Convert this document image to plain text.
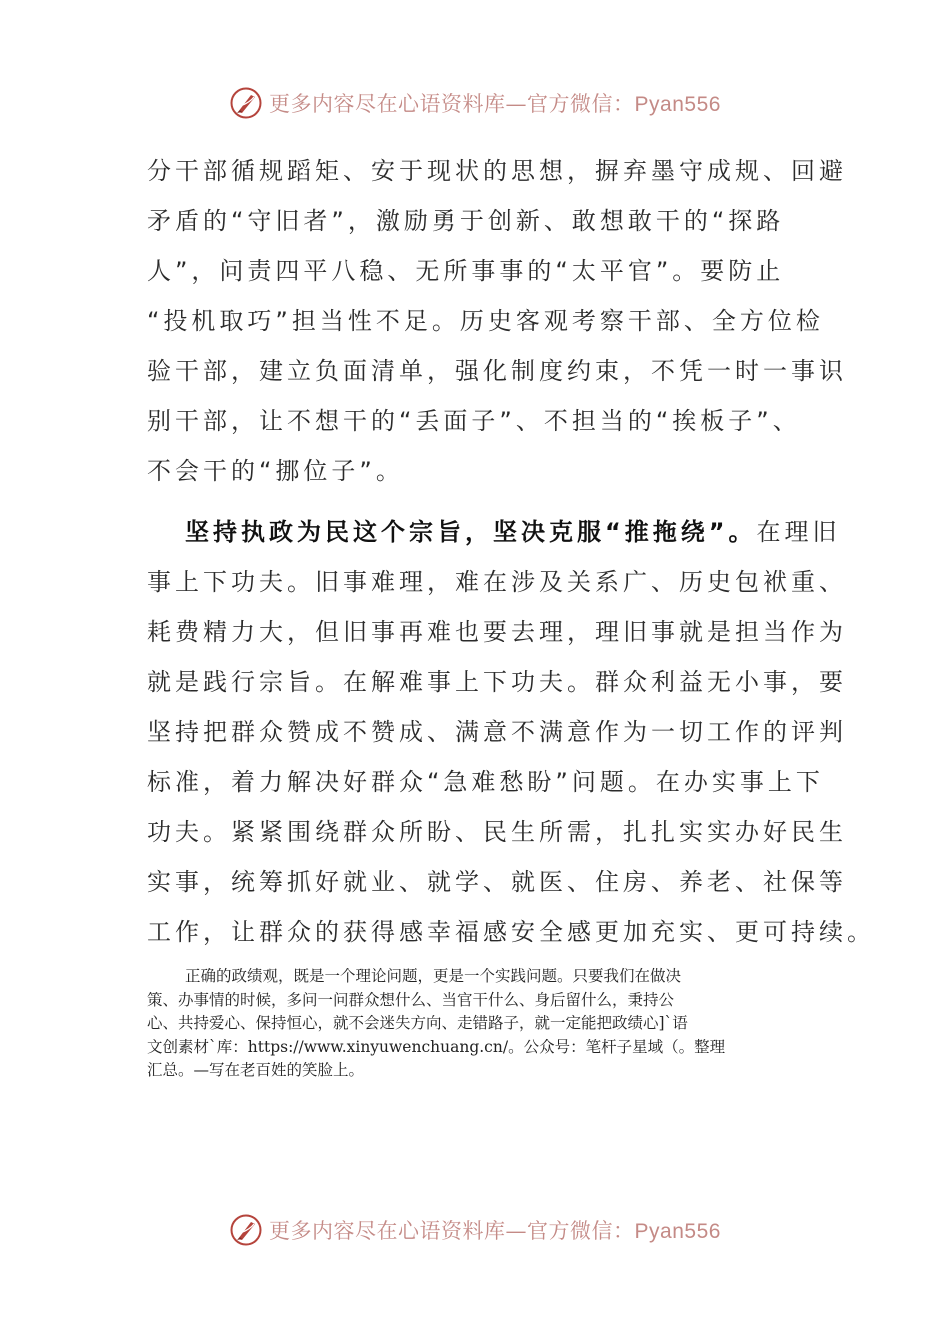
更多内容尽在心语资料库—官方微信：Pyan556

分干部循规蹈矩、安于现状的思想，摒弃墨守成规、回避
矛盾的“守旧者”，激励勇于创新、敢想敢干的“探路
人”，问责四平八稳、无所事事的“太平官”。要防止
“投机取巧”担当性不足。历史客观考察干部、全方位检
验干部，建立负面清单，强化制度约束，不凭一时一事识
别干部，让不想干的“丢面子”、不担当的“挨板子”、
不会干的“挪位子”。

坚持执政为民这个宗旨，坚决克服“推拖绕”。在理旧
事上下功夫。旧事难理，难在涉及关系广、历史包袱重、
耗费精力大，但旧事再难也要去理，理旧事就是担当作为
就是践行宗旨。在解难事上下功夫。群众利益无小事，要
坚持把群众赞成不赞成、满意不满意作为一切工作的评判
标准，着力解决好群众“急难愁盼”问题。在办实事上下
功夫。紧紧围绕群众所盼、民生所需，扎扎实实办好民生
实事，统筹抓好就业、就学、就医、住房、养老、社保等
工作，让群众的获得感幸福感安全感更加充实、更可持续。

正确的政绩观，既是一个理论问题，更是一个实践问题。只要我们在做决
策、办事情的时候，多问一问群众想什么、当官干什么、身后留什么，秉持公
心、共持爱心、保持恒心，就不会迷失方向、走错路子，就一定能把政绩心]`语
文创素材`库：https://www.xinyuwenchuang.cn/。公众号：笔杆子星域（。整理
汇总。—写在老百姓的笑脸上。
更多内容尽在心语资料库—官方微信：Pyan556
